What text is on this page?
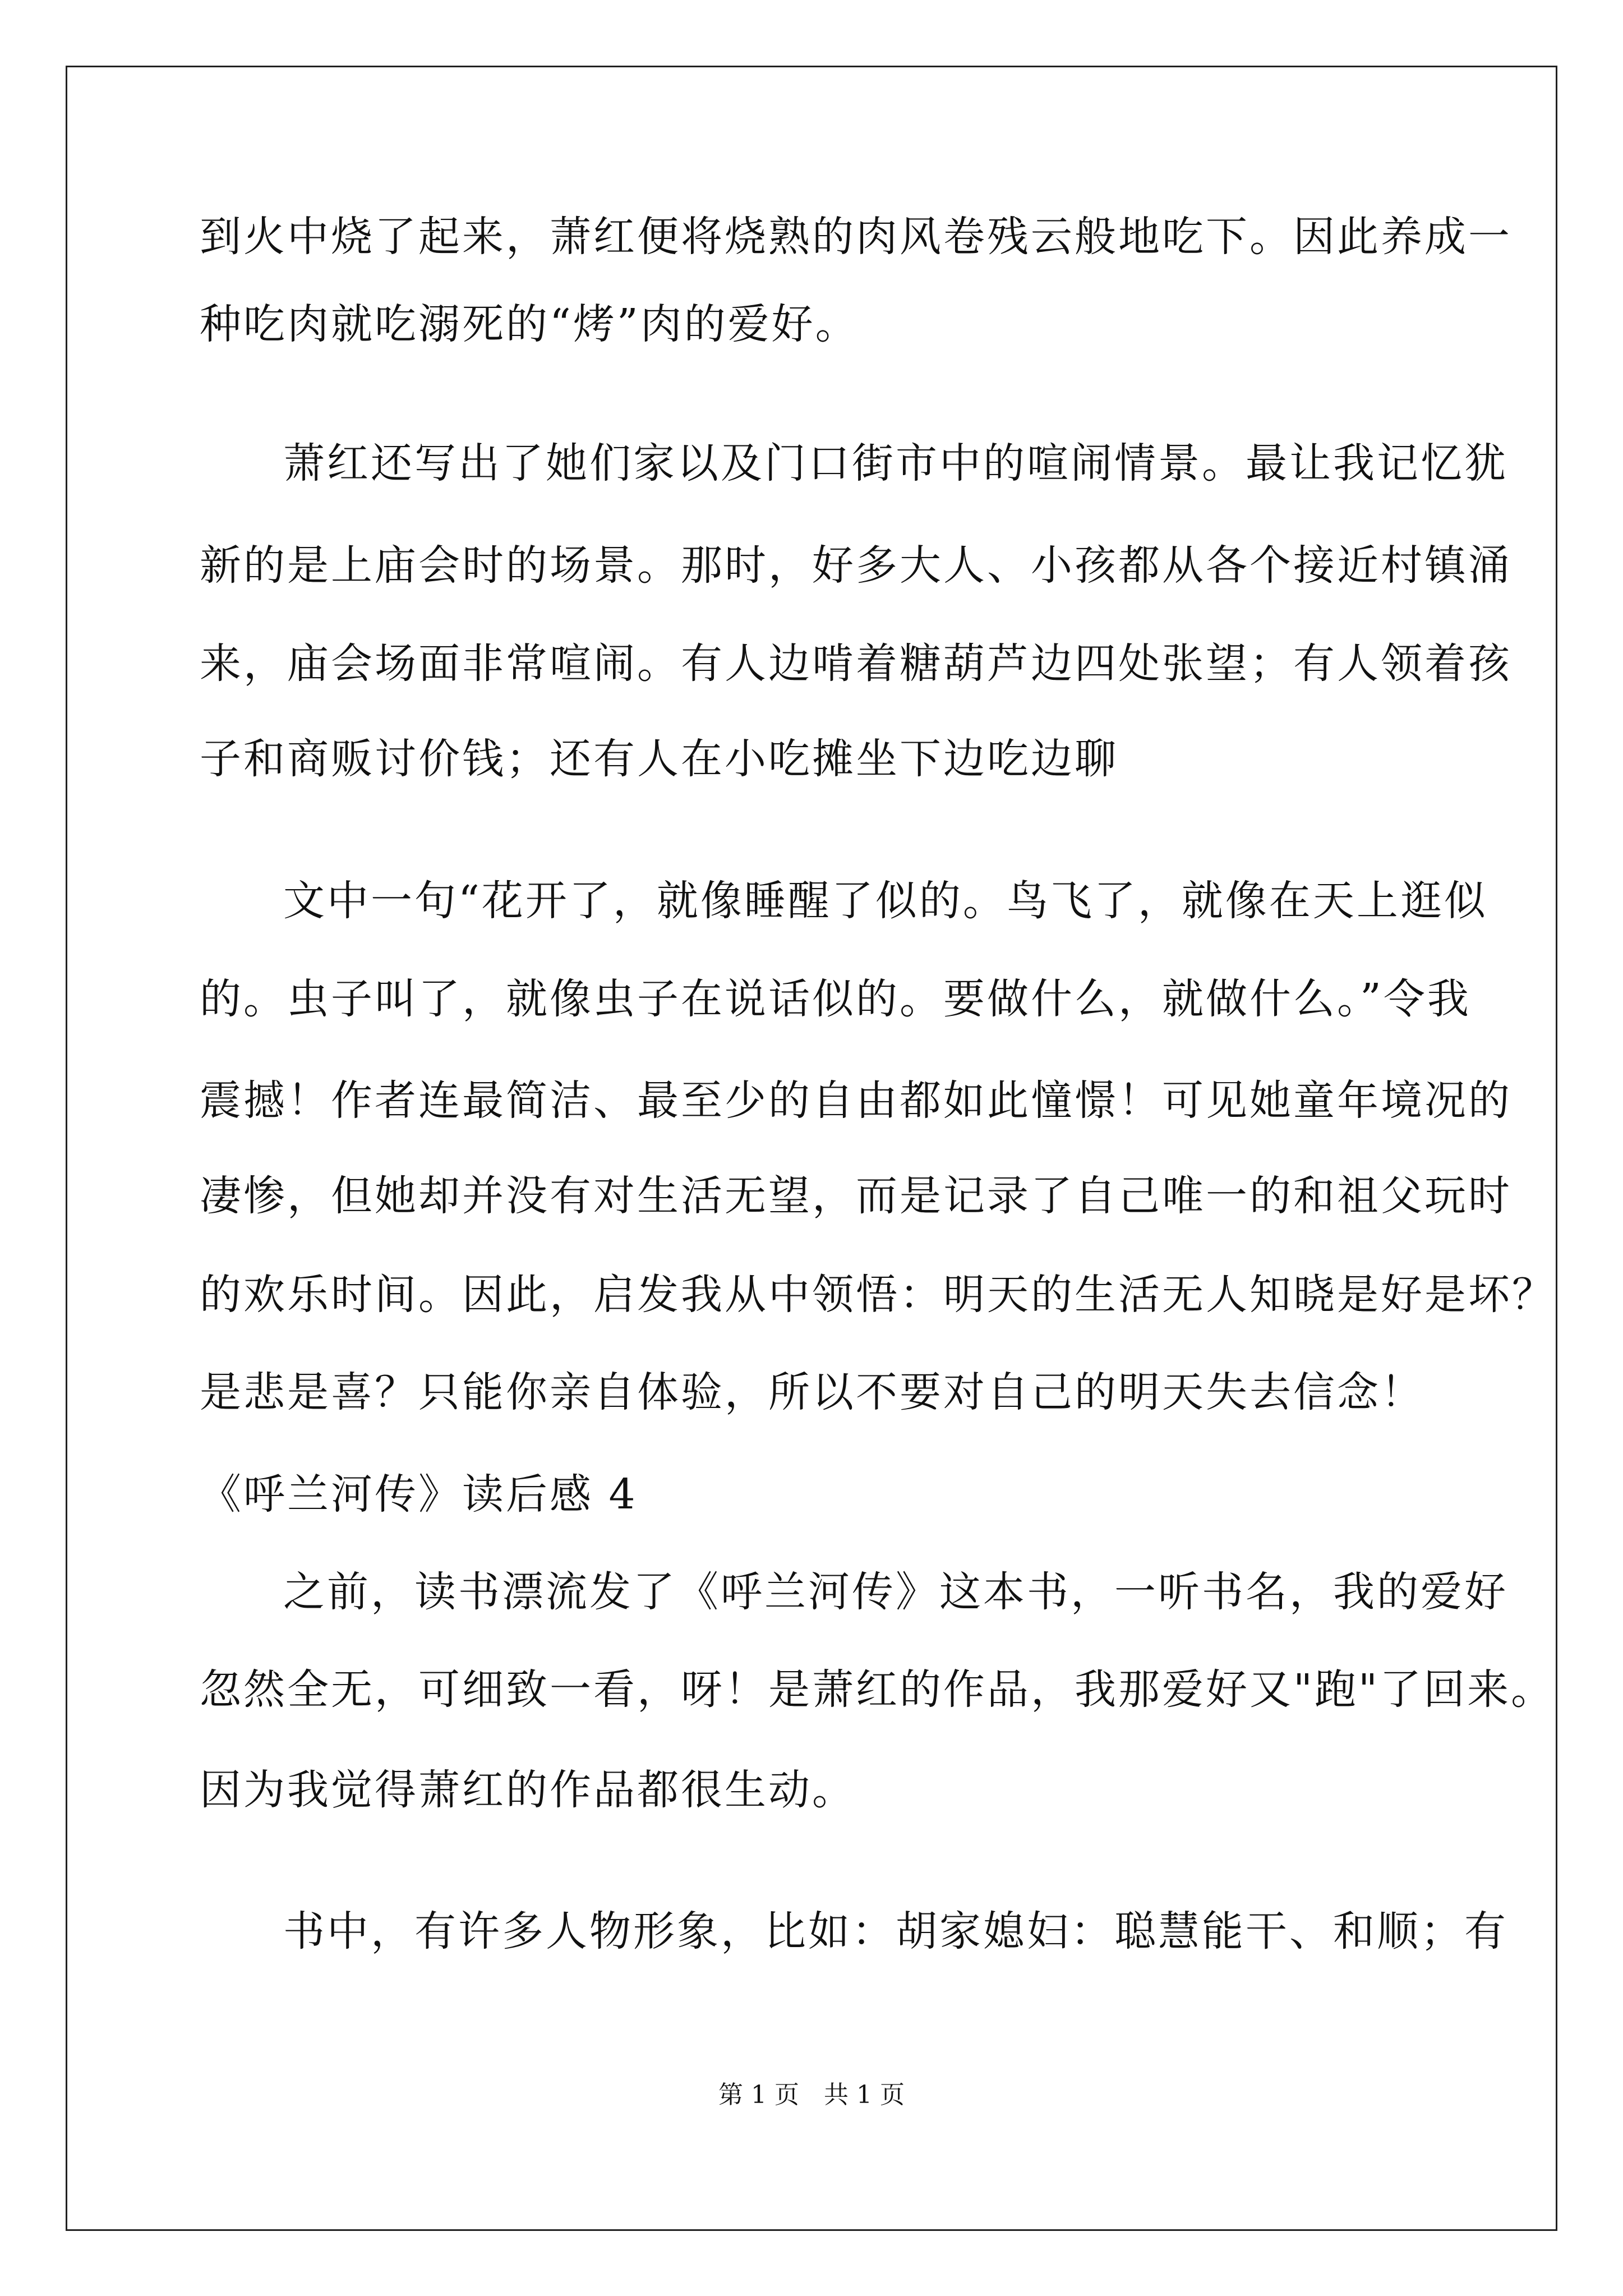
到火中烧了起来，萧红便将烧熟的肉风卷残云般地吃下。因此养成一
种吃肉就吃溺死的“烤”肉的爱好。
萧红还写出了她们家以及门口街市中的喧闹情景。最让我记忆犹
新的是上庙会时的场景。那时，好多大人、小孩都从各个接近村镇涌
来，庙会场面非常喧闹。有人边啃着糖葫芦边四处张望；有人领着孩
子和商贩讨价钱；还有人在小吃摊坐下边吃边聊
文中一句“花开了，就像睡醒了似的。鸟飞了，就像在天上逛似
的。虫子叫了，就像虫子在说话似的。要做什么，就做什么。”令我
震撼！作者连最简洁、最至少的自由都如此憧憬！可见她童年境况的
凄惨，但她却并没有对生活无望，而是记录了自己唯一的和祖父玩时
的欢乐时间。因此，启发我从中领悟：明天的生活无人知晓是好是坏？
是悲是喜？只能你亲自体验，所以不要对自己的明天失去信念！
《呼兰河传》读后感 4
之前，读书漂流发了《呼兰河传》这本书，一听书名，我的爱好
忽然全无，可细致一看，呀！是萧红的作品，我那爱好又"跑"了回来。
因为我觉得萧红的作品都很生动。
书中，有许多人物形象，比如：胡家媳妇：聪慧能干、和顺；有
第 1 页　共 1 页
